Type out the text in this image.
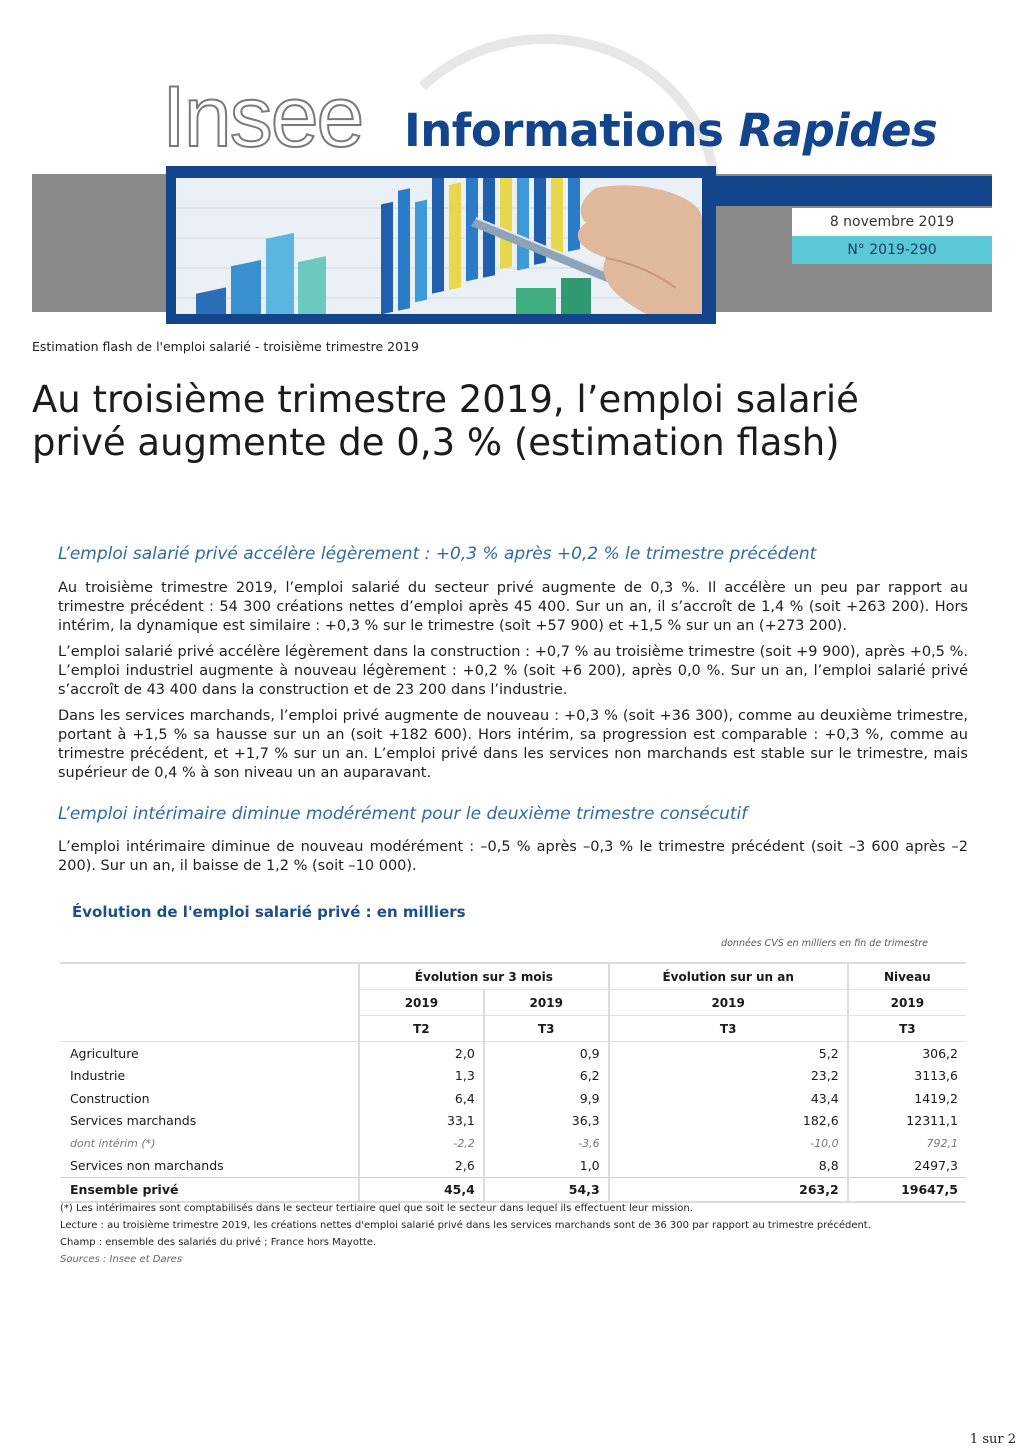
Insee Informations Rapides
8 novembre 2019
N° 2019-290
Estimation flash de l'emploi salarié - troisième trimestre 2019
Au troisième trimestre 2019, l’emploi salarié
privé augmente de 0,3 % (estimation flash)
L’emploi salarié privé accélère légèrement : +0,3 % après +0,2 % le trimestre précédent

Au troisième trimestre 2019, l’emploi salarié du secteur privé augmente de 0,3 %. Il accélère un peu par rapport au trimestre précédent : 54 300 créations nettes d’emploi après 45 400. Sur un an, il s’accroît de 1,4 % (soit +263 200). Hors intérim, la dynamique est similaire : +0,3 % sur le trimestre (soit +57 900) et +1,5 % sur un an (+273 200).

L’emploi salarié privé accélère légèrement dans la construction : +0,7 % au troisième trimestre (soit +9 900), après +0,5 %. L’emploi industriel augmente à nouveau légèrement : +0,2 % (soit +6 200), après 0,0 %. Sur un an, l’emploi salarié privé s’accroît de 43 400 dans la construction et de 23 200 dans l’industrie.

Dans les services marchands, l’emploi privé augmente de nouveau : +0,3 % (soit +36 300), comme au deuxième trimestre, portant à +1,5 % sa hausse sur un an (soit +182 600). Hors intérim, sa progression est comparable : +0,3 %, comme au trimestre précédent, et +1,7 % sur un an. L’emploi privé dans les services non marchands est stable sur le trimestre, mais supérieur de 0,4 % à son niveau un an auparavant.

L’emploi intérimaire diminue modérément pour le deuxième trimestre consécutif

L’emploi intérimaire diminue de nouveau modérément : –0,5 % après –0,3 % le trimestre précédent (soit –3 600 après –2 200). Sur un an, il baisse de 1,2 % (soit –10 000).

Évolution de l'emploi salarié privé : en milliers
données CVS en milliers en fin de trimestre
	Évolution sur 3 mois		Évolution sur un an	Niveau
	2019	2019	2019	2019
	T2	T3	T3	T3
Agriculture	2,0	0,9	5,2	306,2
Industrie	1,3	6,2	23,2	3113,6
Construction	6,4	9,9	43,4	1419,2
Services marchands	33,1	36,3	182,6	12311,1
dont intérim (*)	-2,2	-3,6	-10,0	792,1
Services non marchands	2,6	1,0	8,8	2497,3
Ensemble privé	45,4	54,3	263,2	19647,5
(*) Les intérimaires sont comptabilisés dans le secteur tertiaire quel que soit le secteur dans lequel ils effectuent leur mission.
Lecture : au troisième trimestre 2019, les créations nettes d'emploi salarié privé dans les services marchands sont de 36 300 par rapport au trimestre précédent.
Champ : ensemble des salariés du privé ; France hors Mayotte.
Sources : Insee et Dares
1 sur 2
